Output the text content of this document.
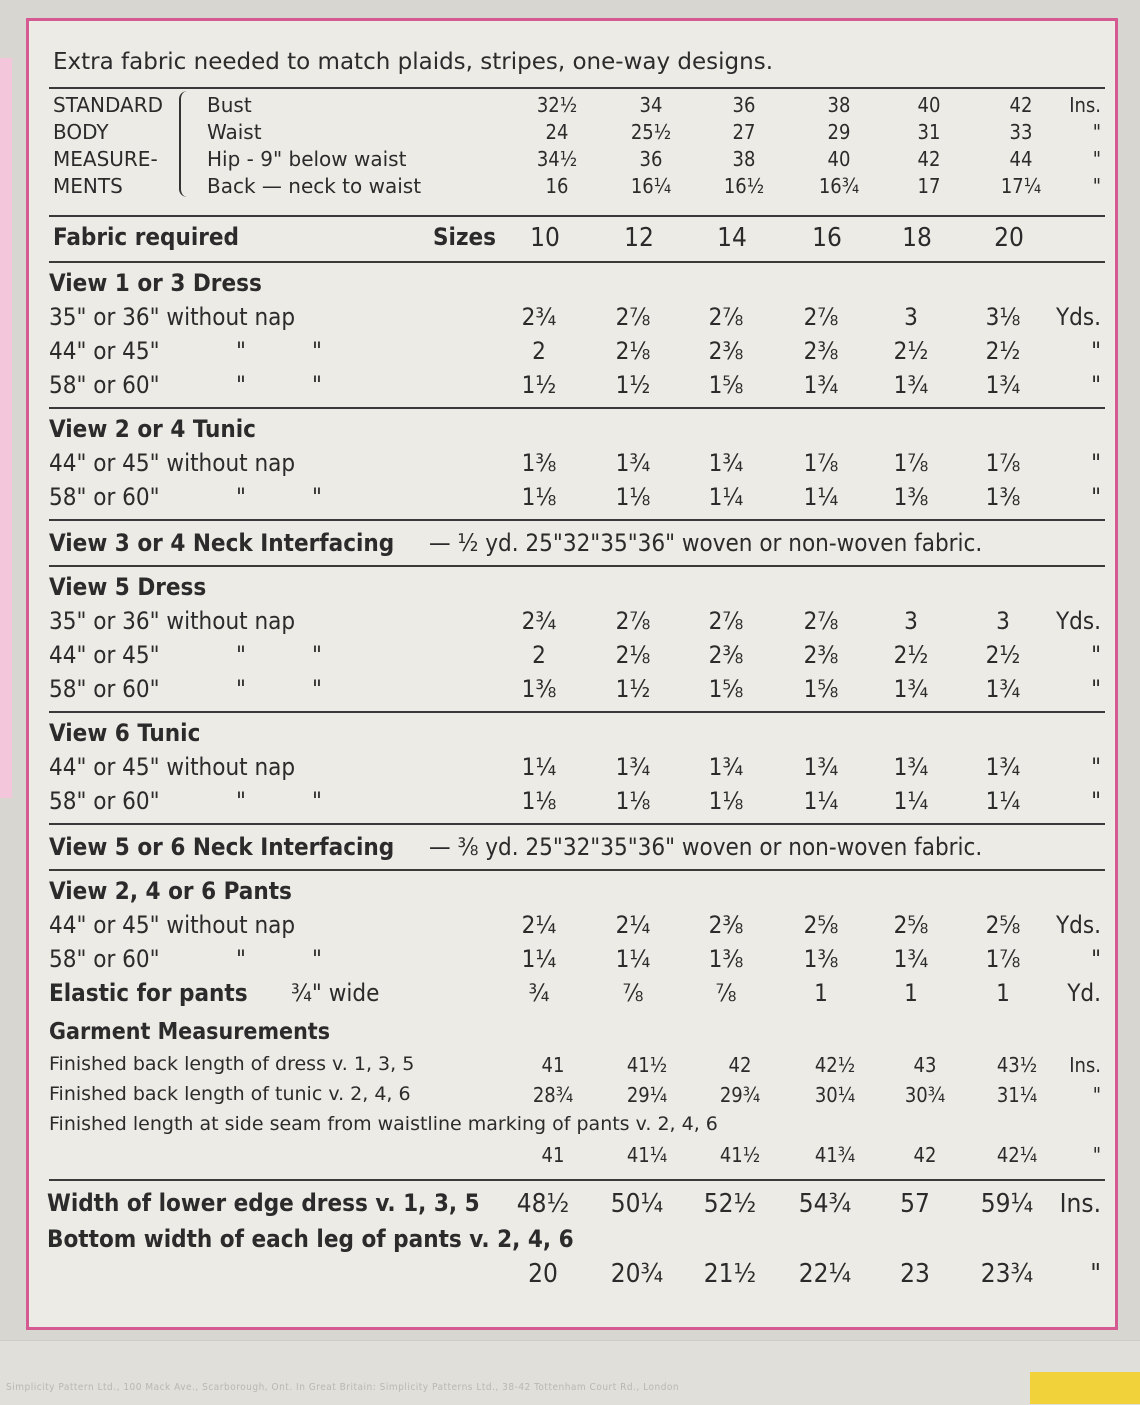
Extra fabric needed to match plaids, stripes, one-way designs.
STANDARD
BODY
MEASURE-
MENTS
Bust	32½	34	36	38	40	42	Ins.
Waist	24	25½	27	29	31	33	"
Hip - 9" below waist	34½	36	38	40	42	44	"
Back — neck to waist	16	16¼	16½	16¾	17	17¼	"
Fabric required	Sizes	10	12	14	16	18	20
View 1 or 3 Dress
35" or 36" without nap	2¾	2⅞	2⅞	2⅞	3	3⅛	Yds.
44" or 45"	2	2⅛	2⅜	2⅜	2½	2½	"
"	"
58" or 60"	1½	1½	1⅝	1¾	1¾	1¾	"
"	"
View 2 or 4 Tunic
44" or 45" without nap	1⅜	1¾	1¾	1⅞	1⅞	1⅞	"
58" or 60"	1⅛	1⅛	1¼	1¼	1⅜	1⅜	"
"	"
View 3 or 4 Neck Interfacing — ½ yd. 25"32"35"36" woven or non-woven fabric.
View 5 Dress
35" or 36" without nap	2¾	2⅞	2⅞	2⅞	3	3	Yds.
44" or 45"	2	2⅛	2⅜	2⅜	2½	2½	"
"	"
58" or 60"	1⅜	1½	1⅝	1⅝	1¾	1¾	"
"	"
View 6 Tunic
44" or 45" without nap	1¼	1¾	1¾	1¾	1¾	1¾	"
58" or 60"	1⅛	1⅛	1⅛	1¼	1¼	1¼	"
"	"
View 5 or 6 Neck Interfacing — ⅜ yd. 25"32"35"36" woven or non-woven fabric.
View 2, 4 or 6 Pants
44" or 45" without nap	2¼	2¼	2⅜	2⅝	2⅝	2⅝	Yds.
58" or 60"	1¼	1¼	1⅜	1⅜	1¾	1⅞	"
"	"
Elastic for pants	¾	⅞	⅞	1	1	1	Yd.
¾" wide
Garment Measurements
Finished back length of dress v. 1, 3, 5	41	41½	42	42½	43	43½	Ins.
Finished back length of tunic v. 2, 4, 6	28¾	29¼	29¾	30¼	30¾	31¼	"
Finished length at side seam from waistline marking of pants v. 2, 4, 6
41	41¼	41½	41¾	42	42¼	"
Width of lower edge dress v. 1, 3, 5	48½	50¼	52½	54¾	57	59¼	Ins.
Bottom width of each leg of pants v. 2, 4, 6
20	20¾	21½	22¼	23	23¾	"
Simplicity Pattern Ltd., 100 Mack Ave., Scarborough, Ont. In Great Britain: Simplicity Patterns Ltd., 38-42 Tottenham Court Rd., London
